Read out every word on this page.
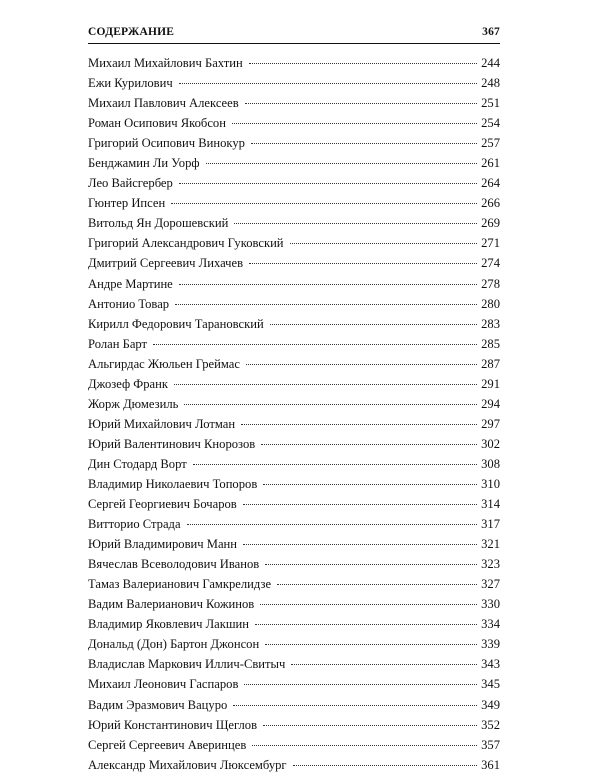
СОДЕРЖАНИЕ	367
Михаил Михайлович Бахтин	244
Ежи Курилович	248
Михаил Павлович Алексеев	251
Роман Осипович Якобсон	254
Григорий Осипович Винокур	257
Бенджамин Ли Уорф	261
Лео Вайсгербер	264
Гюнтер Ипсен	266
Витольд Ян Дорошевский	269
Григорий Александрович Гуковский	271
Дмитрий Сергеевич Лихачев	274
Андре Мартине	278
Антонио Товар	280
Кирилл Федорович Тарановский	283
Ролан Барт	285
Альгирдас Жюльен Греймас	287
Джозеф Франк	291
Жорж Дюмезиль	294
Юрий Михайлович Лотман	297
Юрий Валентинович Кнорозов	302
Дин Стодард Ворт	308
Владимир Николаевич Топоров	310
Сергей Георгиевич Бочаров	314
Витторио Страда	317
Юрий Владимирович Манн	321
Вячеслав Всеволодович Иванов	323
Тамаз Валерианович Гамкрелидзе	327
Вадим Валерианович Кожинов	330
Владимир Яковлевич Лакшин	334
Дональд (Дон) Бартон Джонсон	339
Владислав Маркович Иллич-Свитыч	343
Михаил Леонович Гаспаров	345
Вадим Эразмович Вацуро	349
Юрий Константинович Щеглов	352
Сергей Сергеевич Аверинцев	357
Александр Михайлович Люксембург	361
